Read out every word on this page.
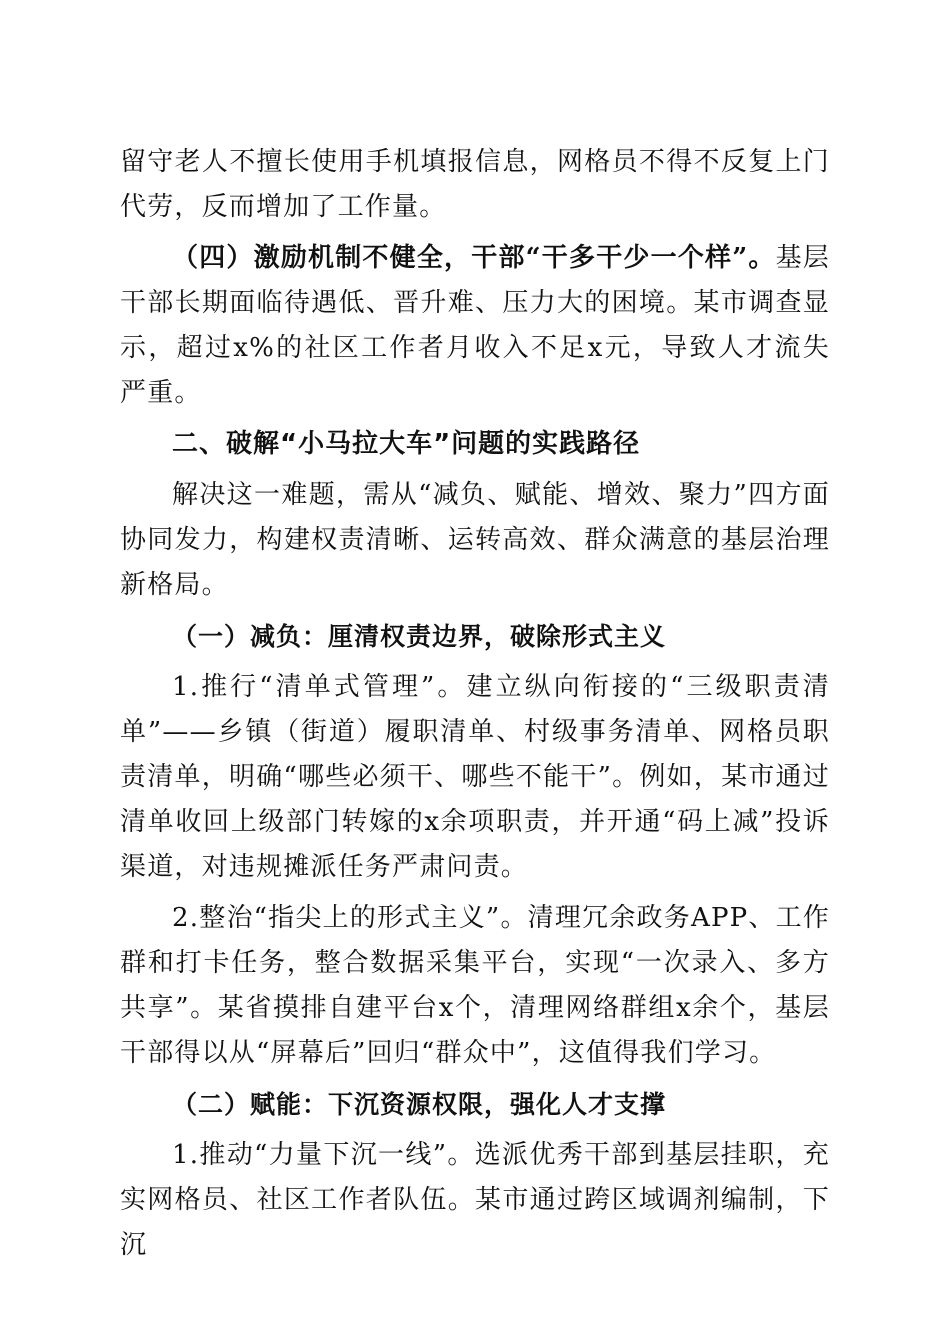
留守老人不擅长使用手机填报信息，网格员不得不反复上门代劳，反而增加了工作量。

（四）激励机制不健全，干部“干多干少一个样”。基层干部长期面临待遇低、晋升难、压力大的困境。某市调查显示，超过x%的社区工作者月收入不足x元，导致人才流失严重。

二、破解“小马拉大车”问题的实践路径

解决这一难题，需从“减负、赋能、增效、聚力”四方面协同发力，构建权责清晰、运转高效、群众满意的基层治理新格局。

（一）减负：厘清权责边界，破除形式主义

1.推行“清单式管理”。建立纵向衔接的“三级职责清单”——乡镇（街道）履职清单、村级事务清单、网格员职责清单，明确“哪些必须干、哪些不能干”。例如，某市通过清单收回上级部门转嫁的x余项职责，并开通“码上减”投诉渠道，对违规摊派任务严肃问责。

2.整治“指尖上的形式主义”。清理冗余政务APP、工作群和打卡任务，整合数据采集平台，实现“一次录入、多方共享”。某省摸排自建平台x个，清理网络群组x余个，基层干部得以从“屏幕后”回归“群众中”，这值得我们学习。

（二）赋能：下沉资源权限，强化人才支撑

1.推动“力量下沉一线”。选派优秀干部到基层挂职，充实网格员、社区工作者队伍。某市通过跨区域调剂编制，下沉
